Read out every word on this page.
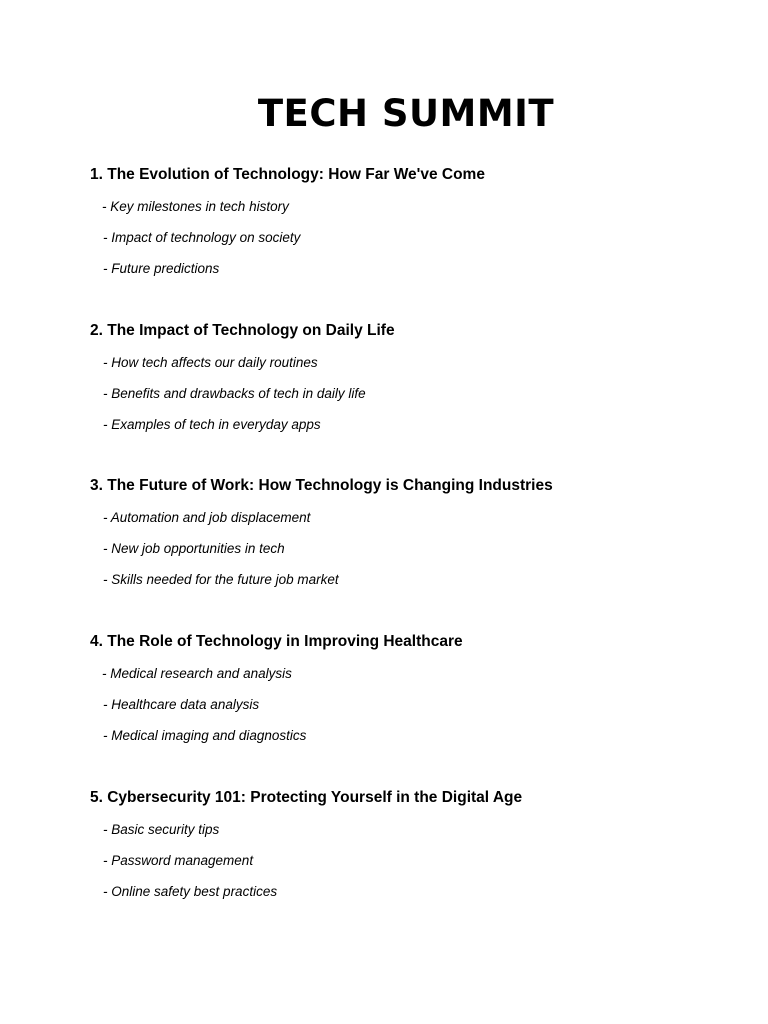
TECH SUMMIT
1. The Evolution of Technology: How Far We've Come
- Key milestones in tech history
- Impact of technology on society
- Future predictions
2. The Impact of Technology on Daily Life
- How tech affects our daily routines
- Benefits and drawbacks of tech in daily life
- Examples of tech in everyday apps
3. The Future of Work: How Technology is Changing Industries
- Automation and job displacement
- New job opportunities in tech
- Skills needed for the future job market
4. The Role of Technology in Improving Healthcare
- Medical research and analysis
- Healthcare data analysis
- Medical imaging and diagnostics
5. Cybersecurity 101: Protecting Yourself in the Digital Age
- Basic security tips
- Password management
- Online safety best practices
